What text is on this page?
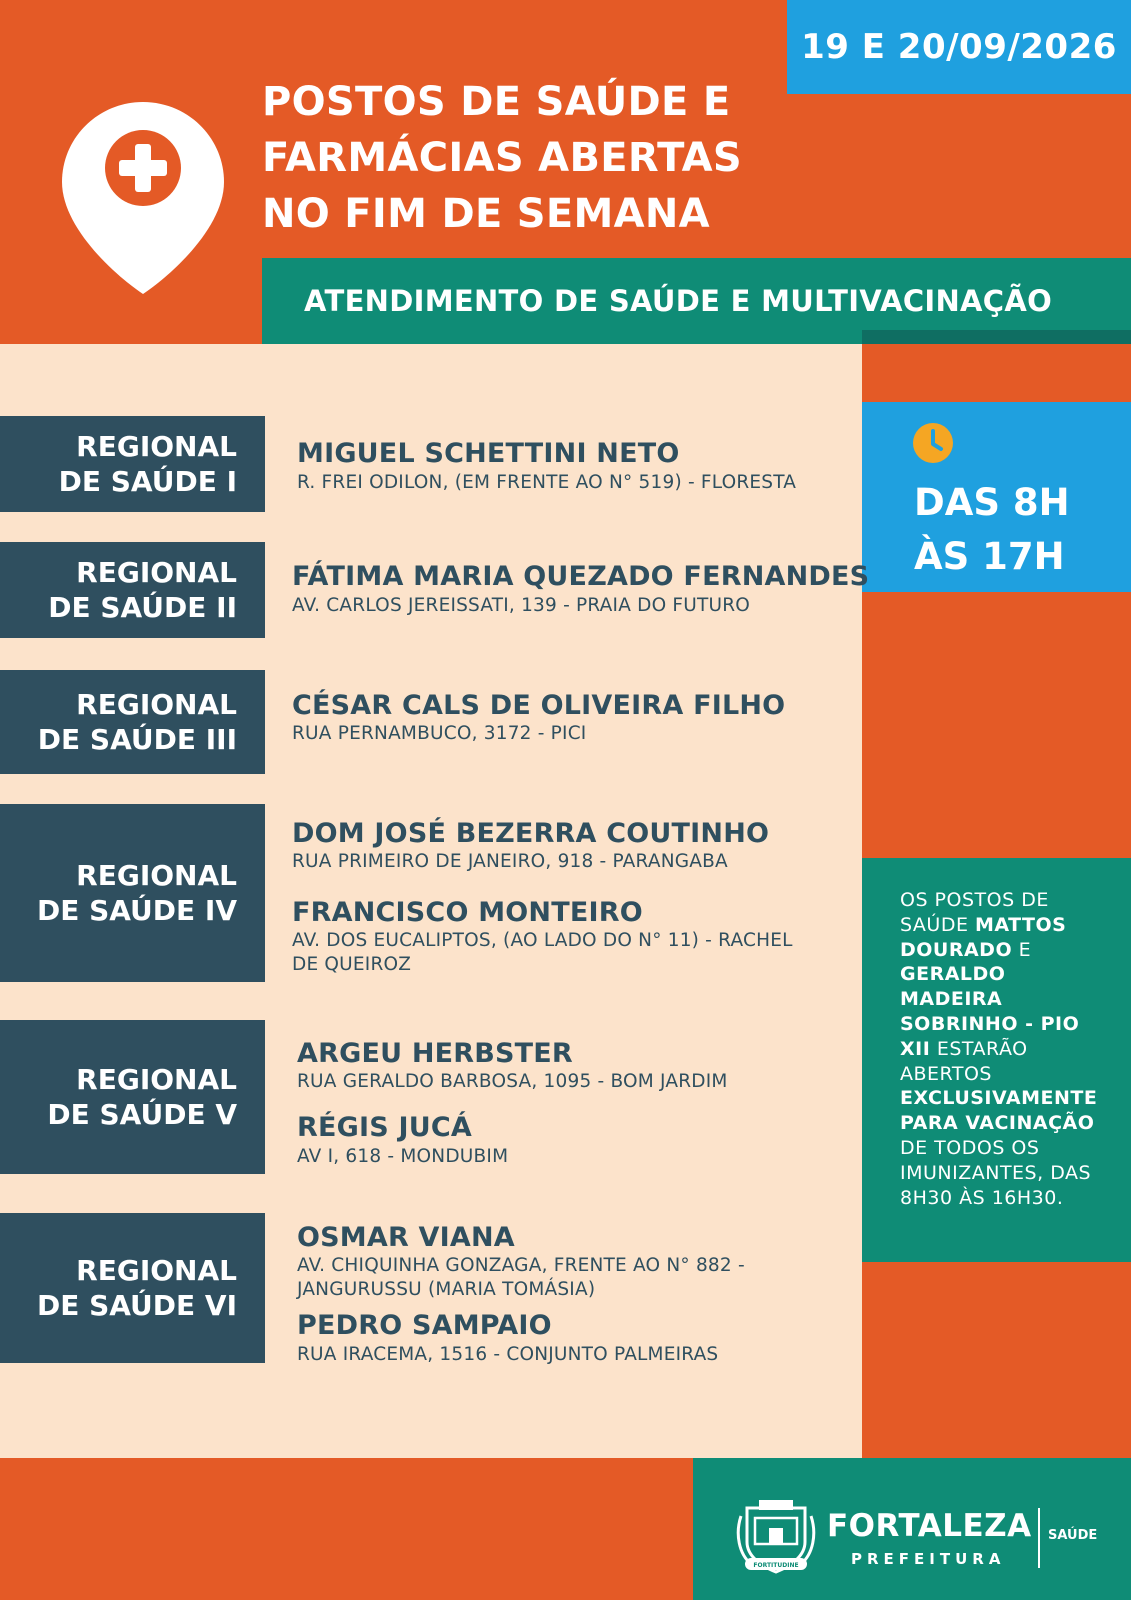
19 E 20/09/2026
POSTOS DE SAÚDE E
FARMÁCIAS ABERTAS
NO FIM DE SEMANA
ATENDIMENTO DE SAÚDE E MULTIVACINAÇÃO
DAS 8H
ÀS 17H
OS POSTOS DE SAÚDE MATTOS DOURADO E GERALDO MADEIRA SOBRINHO - PIO XII ESTARÃO ABERTOS EXCLUSIVAMENTE PARA VACINAÇÃO DE TODOS OS IMUNIZANTES, DAS 8H30 ÀS 16H30.
REGIONAL
DE SAÚDE I
MIGUEL SCHETTINI NETO
R. FREI ODILON, (EM FRENTE AO N° 519) - FLORESTA
REGIONAL
DE SAÚDE II
FÁTIMA MARIA QUEZADO FERNANDES
AV. CARLOS JEREISSATI, 139 - PRAIA DO FUTURO
REGIONAL
DE SAÚDE III
CÉSAR CALS DE OLIVEIRA FILHO
RUA PERNAMBUCO, 3172 - PICI
REGIONAL
DE SAÚDE IV
DOM JOSÉ BEZERRA COUTINHO
RUA PRIMEIRO DE JANEIRO, 918 - PARANGABA
FRANCISCO MONTEIRO
AV. DOS EUCALIPTOS, (AO LADO DO N° 11) - RACHEL
DE QUEIROZ
REGIONAL
DE SAÚDE V
ARGEU HERBSTER
RUA GERALDO BARBOSA, 1095 - BOM JARDIM
RÉGIS JUCÁ
AV I, 618 - MONDUBIM
REGIONAL
DE SAÚDE VI
OSMAR VIANA
AV. CHIQUINHA GONZAGA, FRENTE AO N° 882 -
JANGURUSSU (MARIA TOMÁSIA)
PEDRO SAMPAIO
RUA IRACEMA, 1516 - CONJUNTO PALMEIRAS
FORTITUDINE
FORTALEZA
PREFEITURA
SAÚDE
